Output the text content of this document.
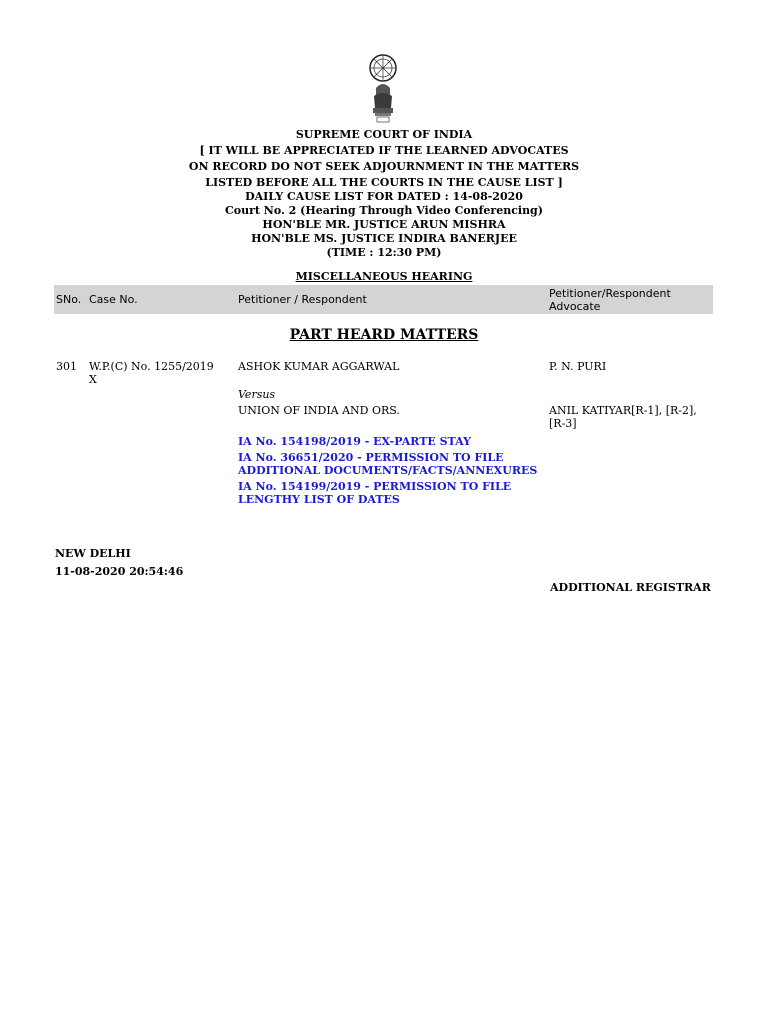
SUPREME COURT OF INDIA
[ IT WILL BE APPRECIATED IF THE LEARNED ADVOCATES
ON RECORD DO NOT SEEK ADJOURNMENT IN THE MATTERS
LISTED BEFORE ALL THE COURTS IN THE CAUSE LIST ]
DAILY CAUSE LIST FOR DATED : 14-08-2020
Court No. 2 (Hearing Through Video Conferencing)
HON'BLE MR. JUSTICE ARUN MISHRA
HON'BLE MS. JUSTICE INDIRA BANERJEE
(TIME : 12:30 PM)
MISCELLANEOUS HEARING
SNo. Case No.	Petitioner / Respondent	Petitioner/Respondent
Advocate
PART HEARD MATTERS
301 W.P.(C) No. 1255/2019
X
ASHOK KUMAR AGGARWAL	P. N. PURI
Versus
UNION OF INDIA AND ORS.	ANIL KATIYAR[R-1], [R-2],
[R-3]
IA No. 154198/2019 - EX-PARTE STAY
IA No. 36651/2020 - PERMISSION TO FILE
ADDITIONAL DOCUMENTS/FACTS/ANNEXURES
IA No. 154199/2019 - PERMISSION TO FILE
LENGTHY LIST OF DATES
NEW DELHI
11-08-2020 20:54:46
ADDITIONAL REGISTRAR
